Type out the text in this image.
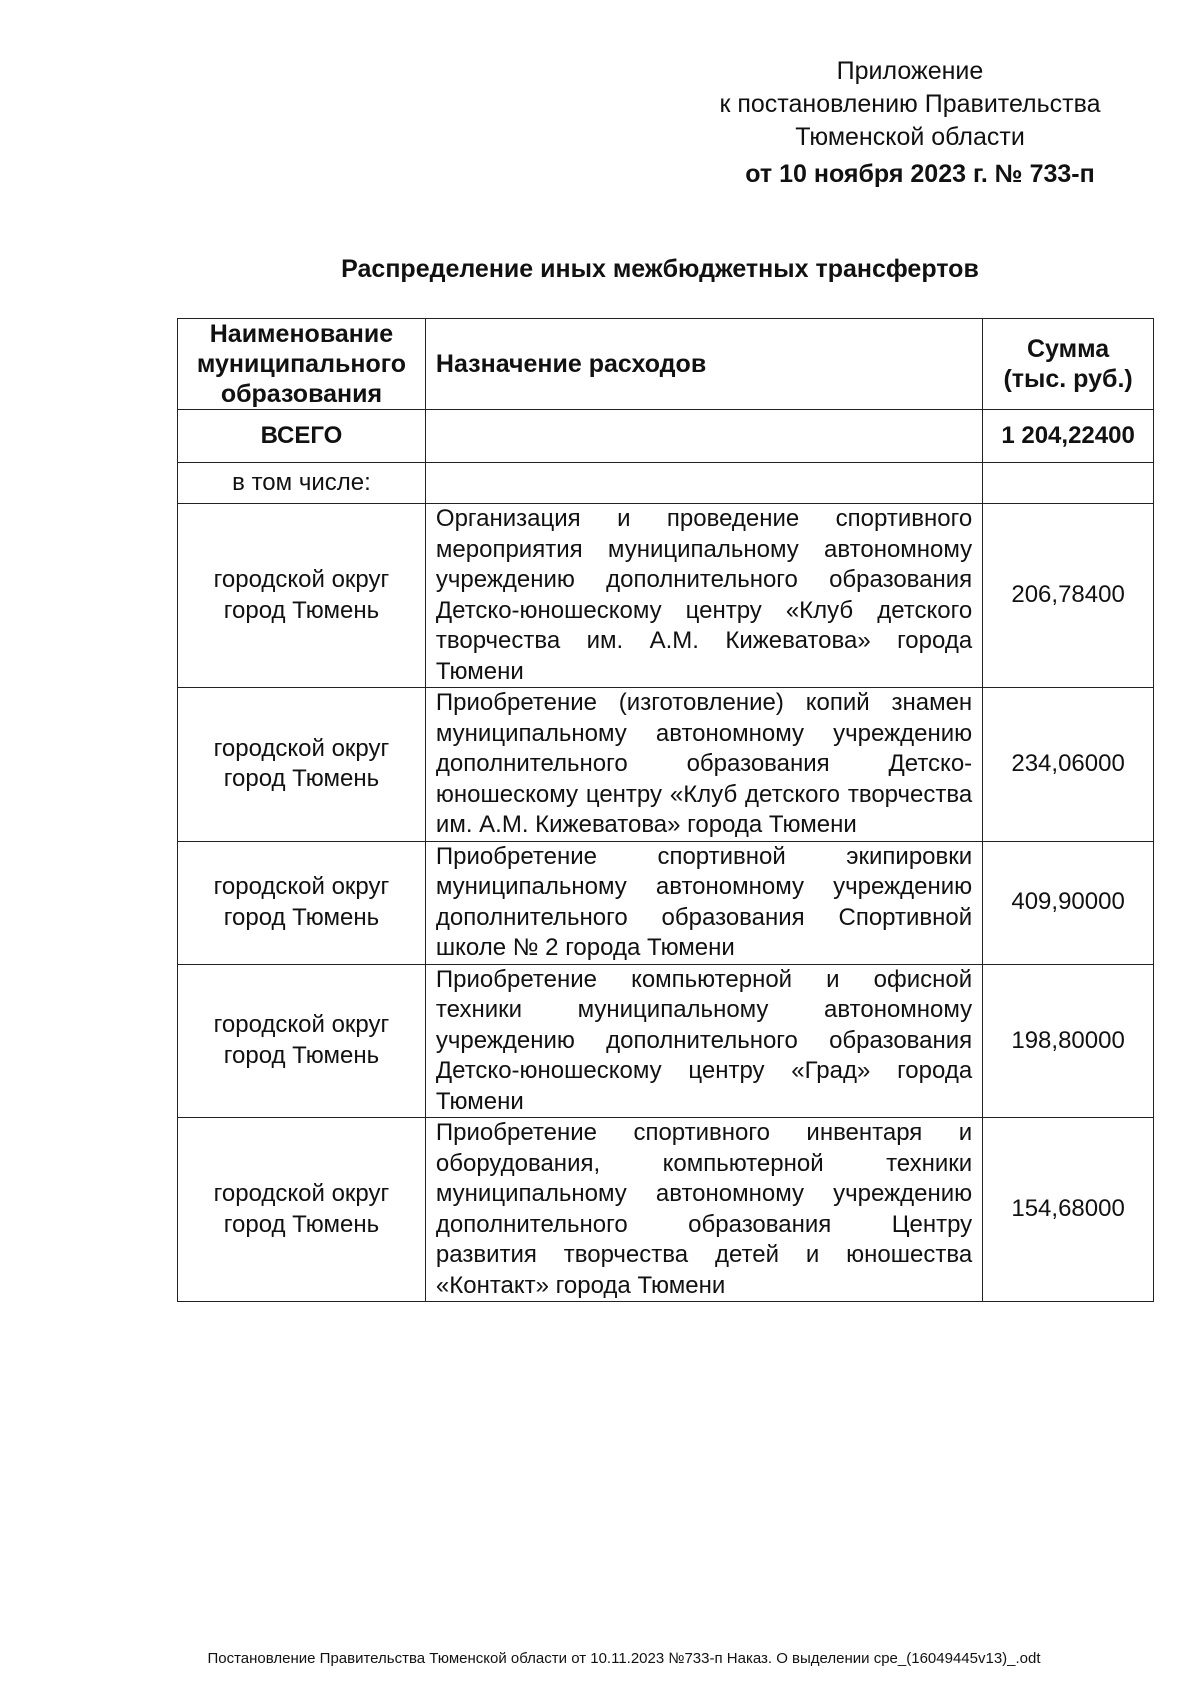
Приложение
к постановлению Правительства
Тюменской области
от 10 ноября 2023 г. № 733-п
Распределение иных межбюджетных трансфертов
Наименование муниципального образования	Назначение расходов	Сумма (тыс. руб.)
ВСЕГО		1 204,22400
в том числе:		
городской округ город Тюмень	Организация и проведение спортивного мероприятия муниципальному автономному учреждению дополнительного образования Детско-юношескому центру «Клуб детского творчества им. А.М. Кижеватова» города Тюмени	206,78400
городской округ город Тюмень	Приобретение (изготовление) копий знамен муниципальному автономному учреждению дополнительного образования Детско-юношескому центру «Клуб детского творчества им. А.М. Кижеватова» города Тюмени	234,06000
городской округ город Тюмень	Приобретение спортивной экипировки муниципальному автономному учреждению дополнительного образования Спортивной школе № 2 города Тюмени	409,90000
городской округ город Тюмень	Приобретение компьютерной и офисной техники муниципальному автономному учреждению дополнительного образования Детско-юношескому центру «Град» города Тюмени	198,80000
городской округ город Тюмень	Приобретение спортивного инвентаря и оборудования, компьютерной техники муниципальному автономному учреждению дополнительного образования Центру развития творчества детей и юношества «Контакт» города Тюмени	154,68000
Постановление Правительства Тюменской области от 10.11.2023 №733-п Наказ. О выделении сре_(16049445v13)_.odt
